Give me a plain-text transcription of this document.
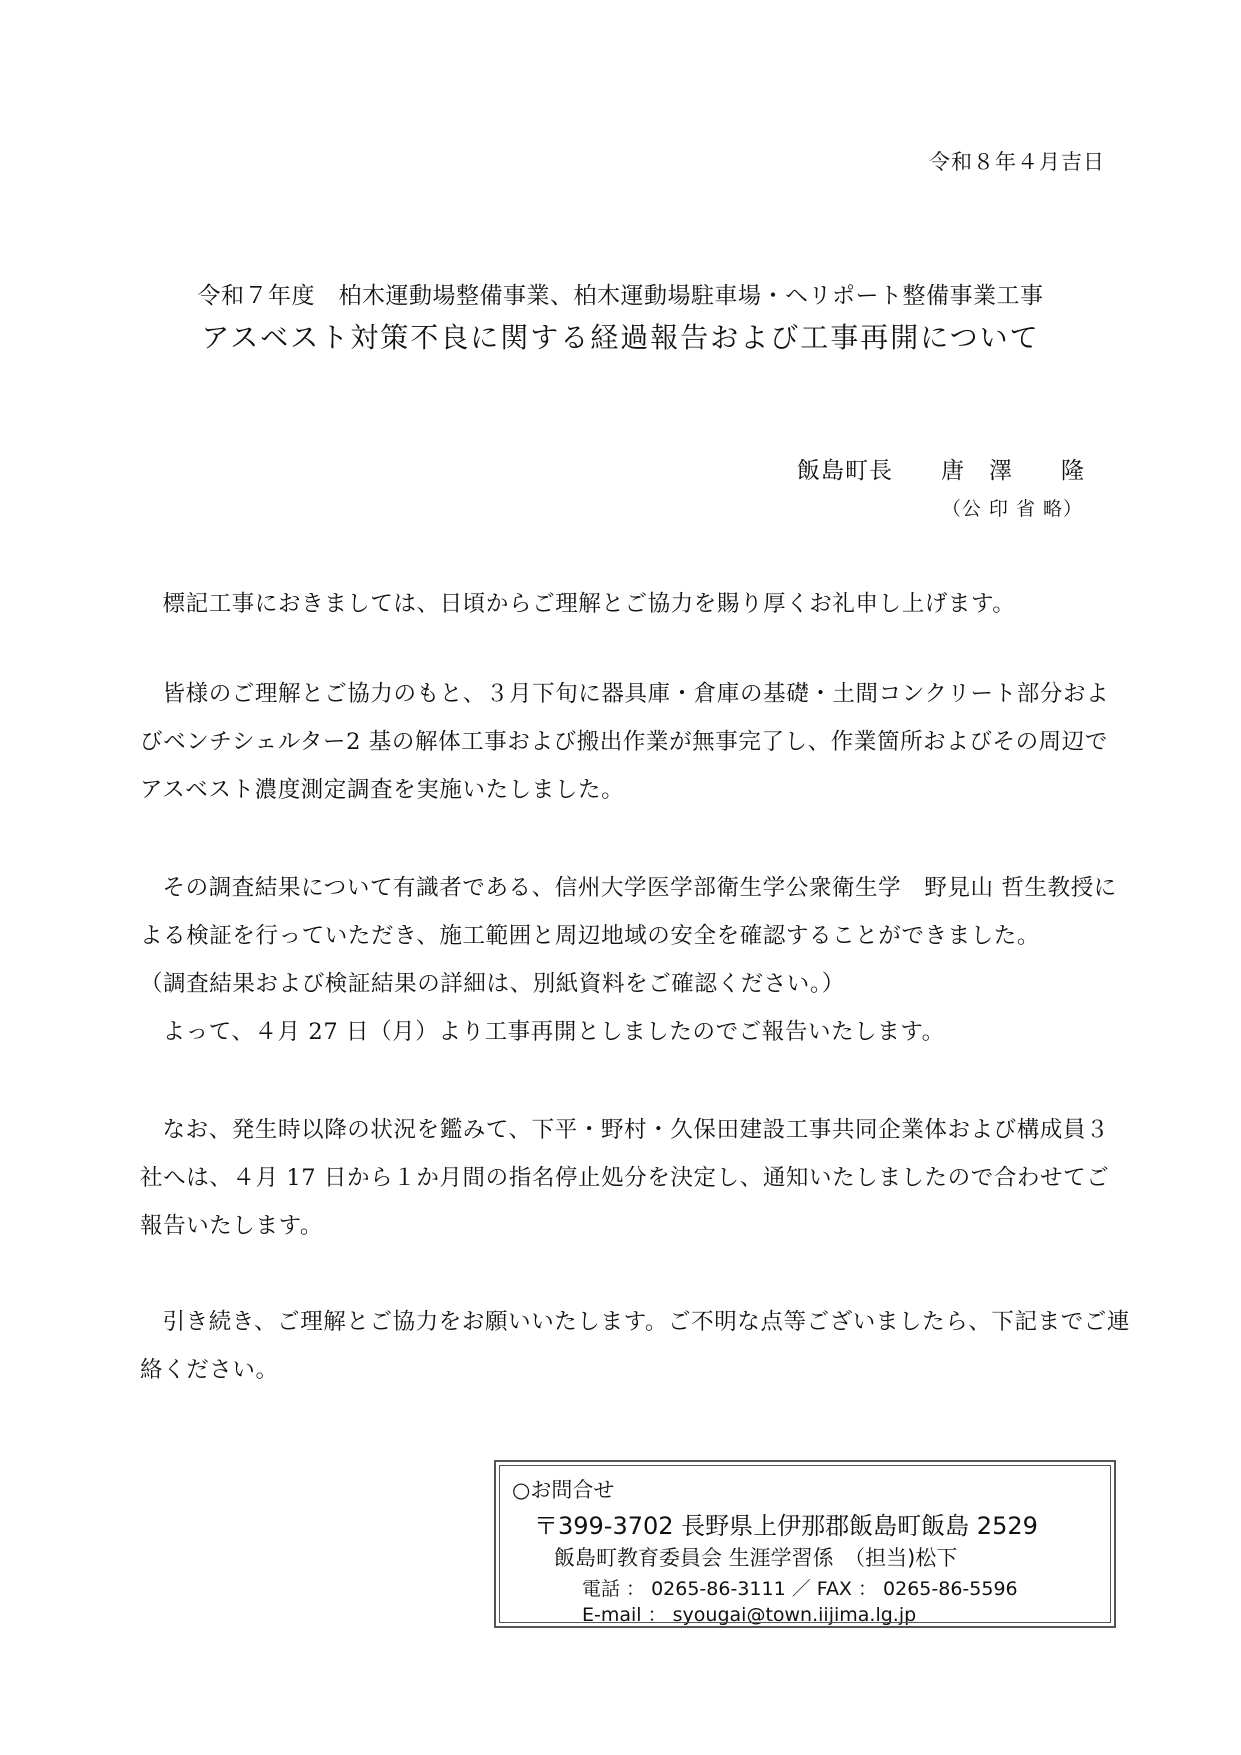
令和８年４月吉日

令和７年度　柏木運動場整備事業、柏木運動場駐車場・ヘリポート整備事業工事

アスベスト対策不良に関する経過報告および工事再開について
飯島町長　　 唐　澤　　隆
（公 印 省 略）

標記工事におきましては、日頃からご理解とご協力を賜り厚くお礼申し上げます。

皆様のご理解とご協力のもと、３月下旬に器具庫・倉庫の基礎・土間コンクリート部分およびベンチシェルター2 基の解体工事および搬出作業が無事完了し、作業箇所およびその周辺でアスベスト濃度測定調査を実施いたしました。

その調査結果について有識者である、信州大学医学部衛生学公衆衛生学　野見山 哲生教授による検証を行っていただき、施工範囲と周辺地域の安全を確認することができました。

（調査結果および検証結果の詳細は、別紙資料をご確認ください。）

よって、４月 27 日（月）より工事再開としましたのでご報告いたします。

なお、発生時以降の状況を鑑みて、下平・野村・久保田建設工事共同企業体および構成員３社へは、４月 17 日から１か月間の指名停止処分を決定し、通知いたしましたので合わせてご報告いたします。

引き続き、ご理解とご協力をお願いいたします。ご不明な点等ございましたら、下記までご連絡ください。

○お問合せ
〒399-3702 長野県上伊那郡飯島町飯島 2529
飯島町教育委員会 生涯学習係　（担当)松下
電話 ： 0265-86-3111 ／ FAX ： 0265-86-5596
E-mail ： syougai@town.iijima.lg.jp
